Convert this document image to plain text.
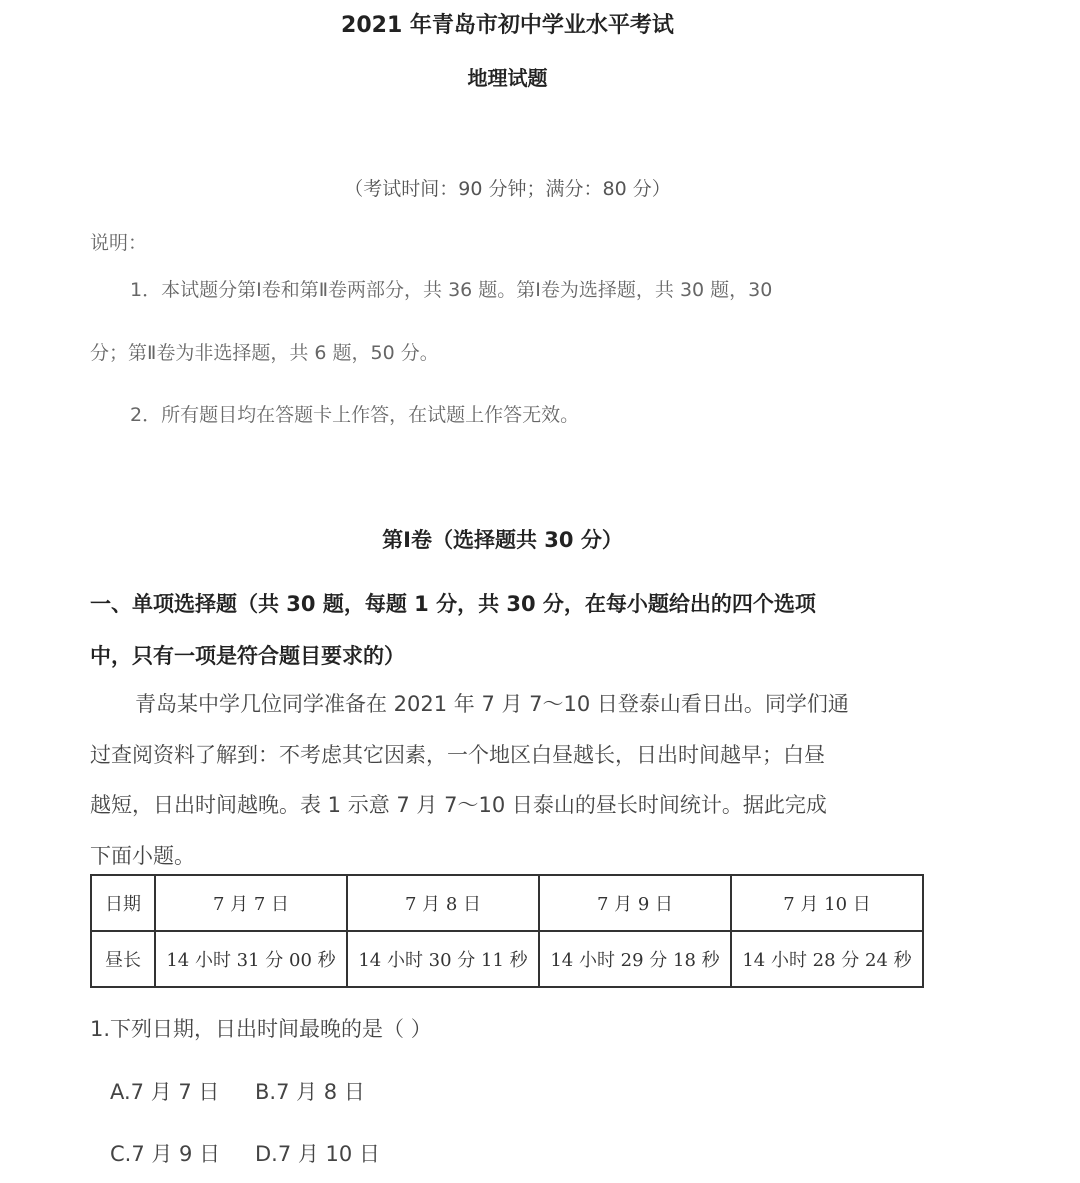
2021 年青岛市初中学业水平考试
地理试题
（考试时间：90 分钟；满分：80 分）
说明：
1．本试题分第Ⅰ卷和第Ⅱ卷两部分，共 36 题。第Ⅰ卷为选择题，共 30 题，30
分；第Ⅱ卷为非选择题，共 6 题，50 分。
2．所有题目均在答题卡上作答，在试题上作答无效。
第Ⅰ卷（选择题共 30 分）
一、单项选择题（共 30 题，每题 1 分，共 30 分，在每小题给出的四个选项
中，只有一项是符合题目要求的）
青岛某中学几位同学准备在 2021 年 7 月 7～10 日登泰山看日出。同学们通
过查阅资料了解到：不考虑其它因素，一个地区白昼越长，日出时间越早；白昼
越短，日出时间越晚。表 1 示意 7 月 7～10 日泰山的昼长时间统计。据此完成
下面小题。
日期	7 月 7 日	7 月 8 日	7 月 9 日	7 月 10 日
昼长	14 小时 31 分 00 秒	14 小时 30 分 11 秒	14 小时 29 分 18 秒	14 小时 28 分 24 秒
1.下列日期，日出时间最晚的是（ ）
A.7 月 7 日 B.7 月 8 日
C.7 月 9 日 D.7 月 10 日
